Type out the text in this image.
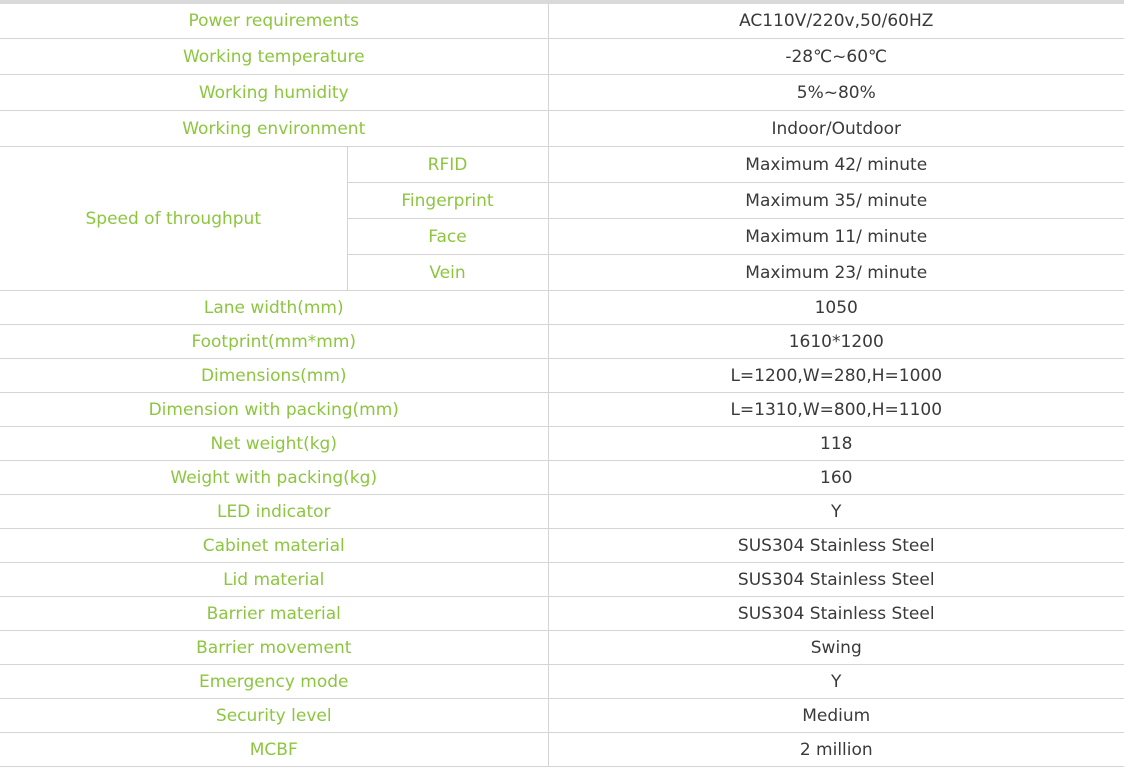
Power requirements		AC110V/220v,50/60HZ
Working temperature		-28℃~60℃
Working humidity		5%~80%
Working environment		Indoor/Outdoor
Speed of throughput	RFID	Maximum 42/ minute
	Fingerprint	Maximum 35/ minute
	Face	Maximum 11/ minute
	Vein	Maximum 23/ minute
Lane width(mm)		1050
Footprint(mm*mm)		1610*1200
Dimensions(mm)		L=1200,W=280,H=1000
Dimension with packing(mm)		L=1310,W=800,H=1100
Net weight(kg)		118
Weight with packing(kg)		160
LED indicator		Y
Cabinet material		SUS304 Stainless Steel
Lid material		SUS304 Stainless Steel
Barrier material		SUS304 Stainless Steel
Barrier movement		Swing
Emergency mode		Y
Security level		Medium
MCBF		2 million
